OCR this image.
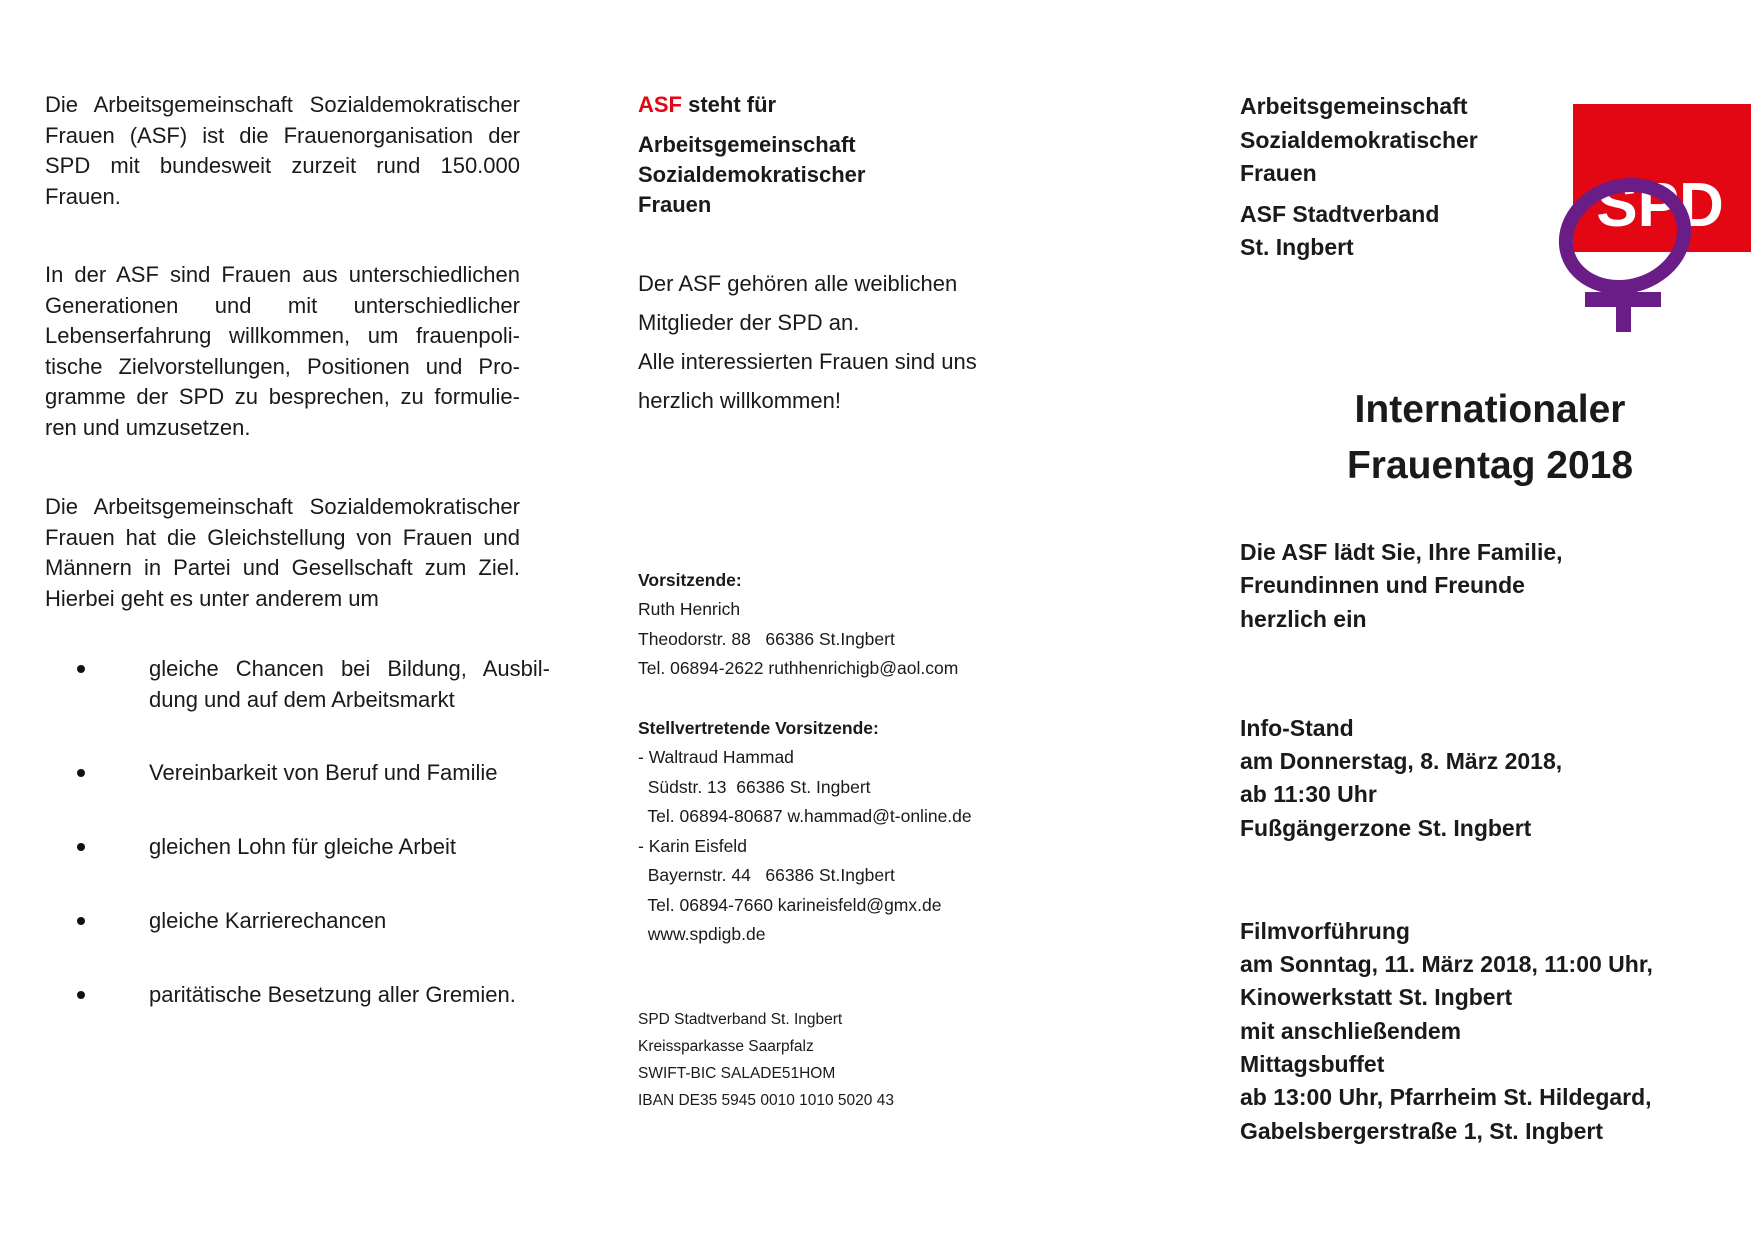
Die Arbeitsgemeinschaft Sozialdemokratischer Frauen (ASF) ist die Frauenorganisation der SPD mit bundesweit zurzeit rund 150.000 Frauen.

In der ASF sind Frauen aus unterschiedlichen Generationen und mit unterschiedlicher Lebenserfahrung willkommen, um frauenpoli-tische Zielvorstellungen, Positionen und Pro-gramme der SPD zu besprechen, zu formulie-ren und umzusetzen.

Die Arbeitsgemeinschaft Sozialdemokratischer Frauen hat die Gleichstellung von Frauen und Männern in Partei und Gesellschaft zum Ziel. Hierbei geht es unter anderem um

gleiche Chancen bei Bildung, Ausbil-dung und auf dem Arbeitsmarkt
Vereinbarkeit von Beruf und Familie
gleichen Lohn für gleiche Arbeit
gleiche Karrierechancen
paritätische Besetzung aller Gremien.
ASF steht für
Arbeitsgemeinschaft
Sozialdemokratischer
Frauen
Der ASF gehören alle weiblichen
Mitglieder der SPD an.
Alle interessierten Frauen sind uns
herzlich willkommen!
Vorsitzende:
Ruth Henrich
Theodorstr. 88   66386 St.Ingbert
Tel. 06894-2622 ruthhenrichigb@aol.com
Stellvertretende Vorsitzende:
- Waltraud Hammad
Südstr. 13  66386 St. Ingbert
Tel. 06894-80687 w.hammad@t-online.de
- Karin Eisfeld
Bayernstr. 44   66386 St.Ingbert
Tel. 06894-7660 karineisfeld@gmx.de
www.spdigb.de
SPD Stadtverband St. Ingbert
Kreissparkasse Saarpfalz
SWIFT-BIC SALADE51HOM
IBAN DE35 5945 0010 1010 5020 43
Arbeitsgemeinschaft
Sozialdemokratischer
Frauen
ASF Stadtverband
St. Ingbert
Die ASF lädt Sie, Ihre Familie,
Freundinnen und Freunde
herzlich ein
Info-Stand
am Donnerstag, 8. März 2018,
ab 11:30 Uhr
Fußgängerzone St. Ingbert
Filmvorführung
am Sonntag, 11. März 2018, 11:00 Uhr,
Kinowerkstatt St. Ingbert
mit anschließendem
Mittagsbuffet
ab 13:00 Uhr, Pfarrheim St. Hildegard,
Gabelsbergerstraße 1, St. Ingbert
Internationaler
Frauentag 2018
SPD
